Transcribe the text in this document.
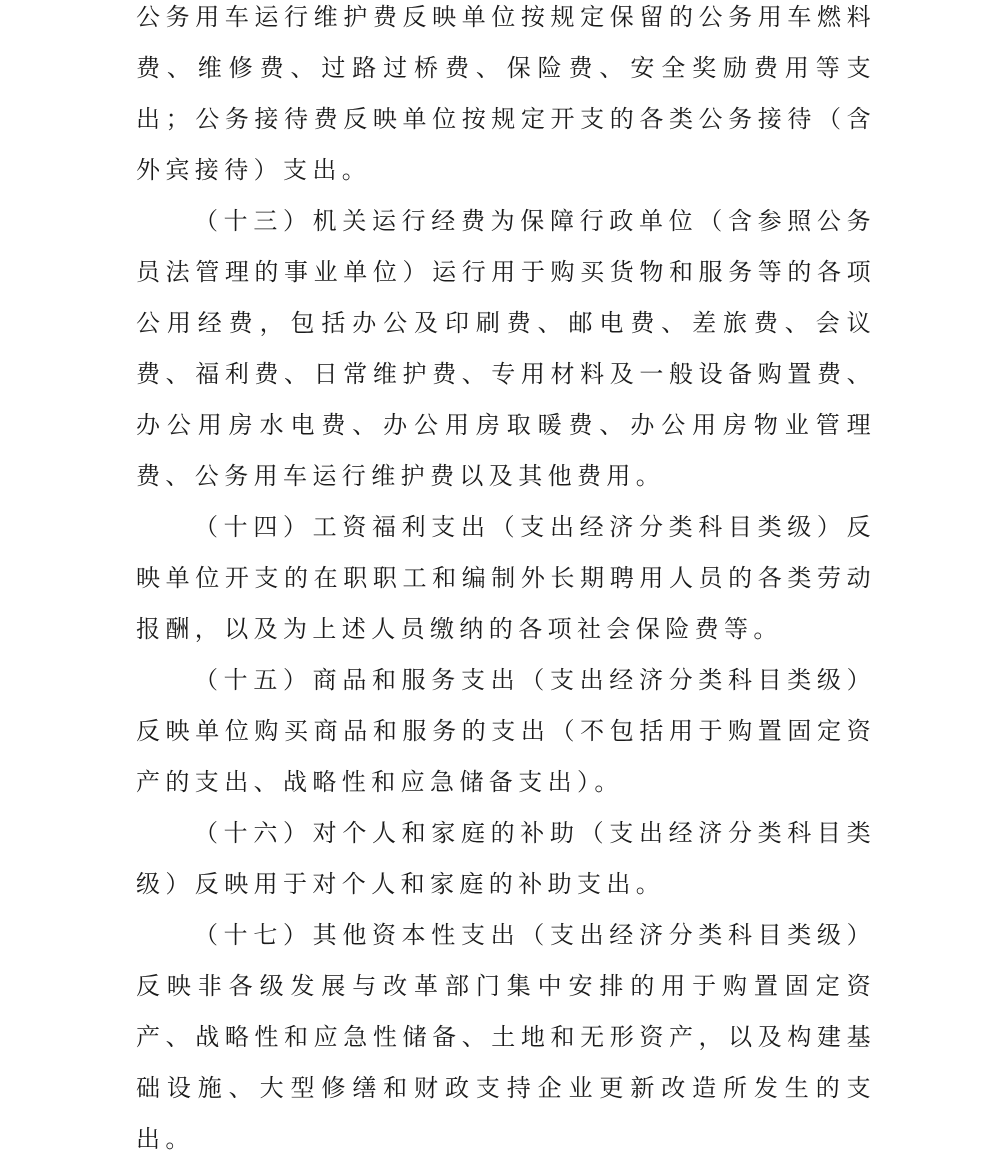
公务用车运行维护费反映单位按规定保留的公务用车燃料费、维修费、过路过桥费、保险费、安全奖励费用等支出；公务接待费反映单位按规定开支的各类公务接待（含外宾接待）支出。

（十三）机关运行经费为保障行政单位（含参照公务员法管理的事业单位）运行用于购买货物和服务等的各项公用经费，包括办公及印刷费、邮电费、差旅费、会议费、福利费、日常维护费、专用材料及一般设备购置费、办公用房水电费、办公用房取暖费、办公用房物业管理费、公务用车运行维护费以及其他费用。

（十四）工资福利支出（支出经济分类科目类级）反映单位开支的在职职工和编制外长期聘用人员的各类劳动报酬，以及为上述人员缴纳的各项社会保险费等。

（十五）商品和服务支出（支出经济分类科目类级）反映单位购买商品和服务的支出（不包括用于购置固定资产的支出、战略性和应急储备支出）。

（十六）对个人和家庭的补助（支出经济分类科目类级）反映用于对个人和家庭的补助支出。

（十七）其他资本性支出（支出经济分类科目类级）反映非各级发展与改革部门集中安排的用于购置固定资产、战略性和应急性储备、土地和无形资产，以及构建基础设施、大型修缮和财政支持企业更新改造所发生的支出。
